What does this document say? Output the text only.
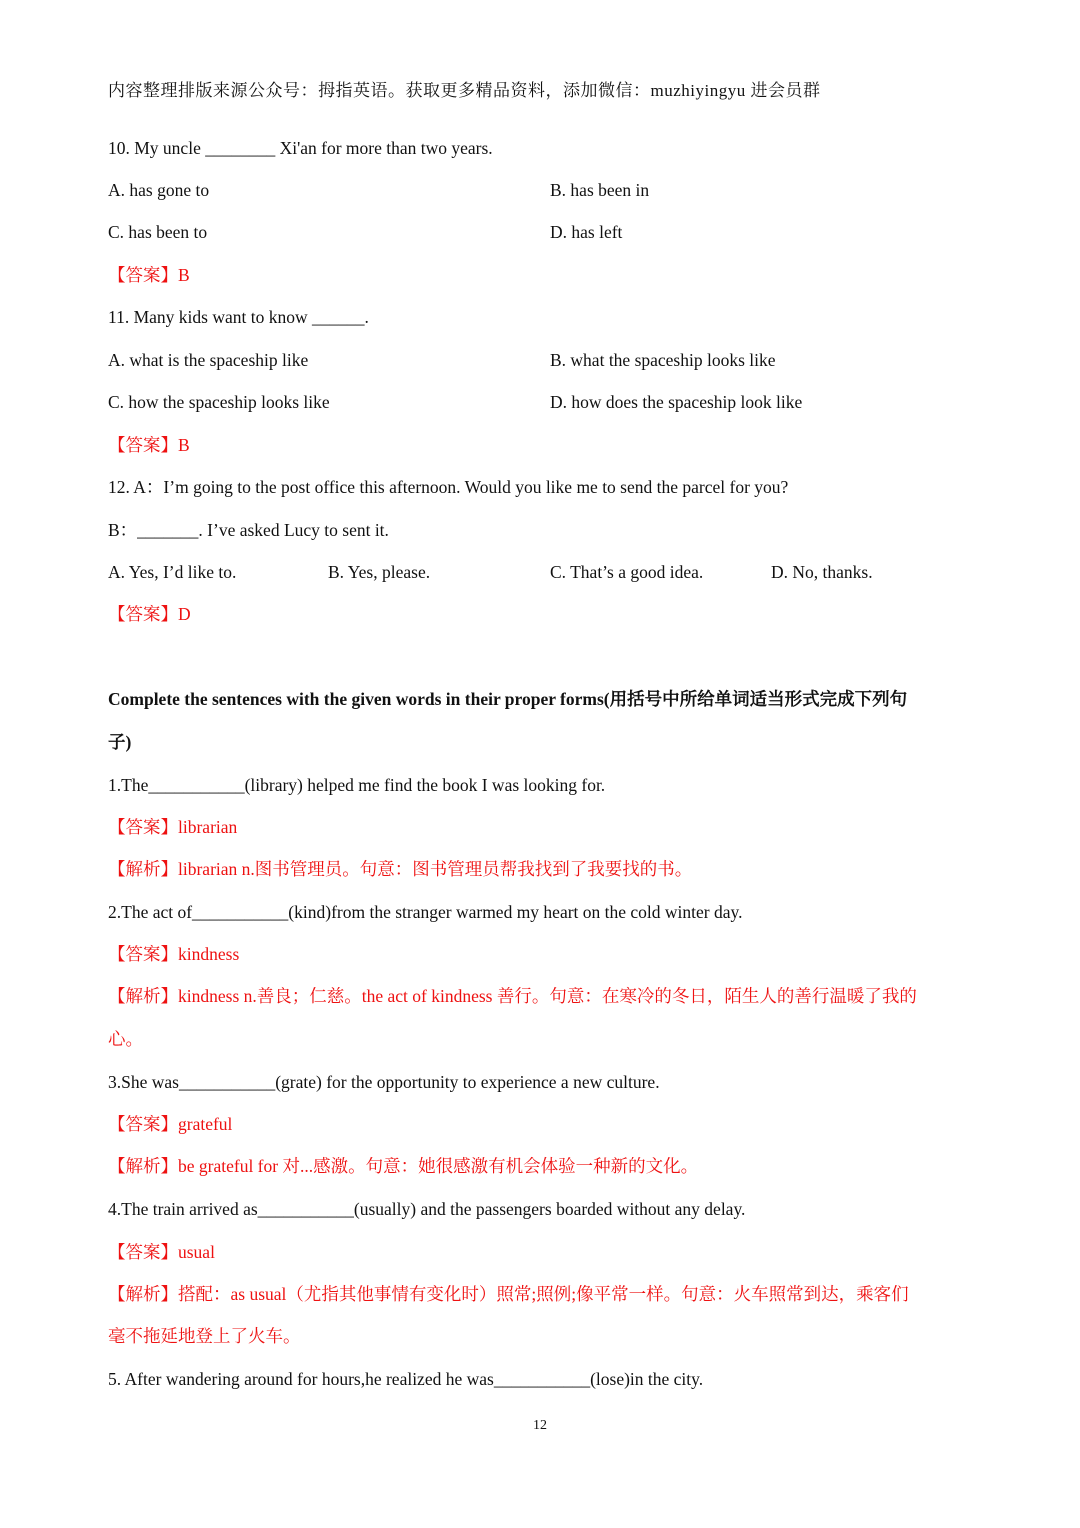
内容整理排版来源公众号：拇指英语。获取更多精品资料，添加微信：muzhiyingyu 进会员群
10. My uncle ________ Xi'an for more than two years.
A. has gone to	B. has been in
C. has been to	D. has left
【答案】B
11. Many kids want to know ______.
A. what is the spaceship like	B. what the spaceship looks like
C. how the spaceship looks like	D. how does the spaceship look like
【答案】B
12. A：I’m going to the post office this afternoon. Would you like me to send the parcel for you?
B：_______. I’ve asked Lucy to sent it.
A. Yes, I’d like to.	B. Yes, please.	C. That’s a good idea.	D. No, thanks.
【答案】D
Complete the sentences with the given words in their proper forms(用括号中所给单词适当形式完成下列句
子)
1.The___________(library) helped me find the book I was looking for.
【答案】librarian
【解析】librarian n.图书管理员。句意：图书管理员帮我找到了我要找的书。
2.The act of___________(kind)from the stranger warmed my heart on the cold winter day.
【答案】kindness
【解析】kindness n.善良；仁慈。the act of kindness 善行。句意：在寒冷的冬日，陌生人的善行温暖了我的
心。
3.She was___________(grate) for the opportunity to experience a new culture.
【答案】grateful
【解析】be grateful for 对...感激。句意：她很感激有机会体验一种新的文化。
4.The train arrived as___________(usually) and the passengers boarded without any delay.
【答案】usual
【解析】搭配：as usual（尤指其他事情有变化时）照常;照例;像平常一样。句意：火车照常到达，乘客们
毫不拖延地登上了火车。
5. After wandering around for hours,he realized he was___________(lose)in the city.
12
